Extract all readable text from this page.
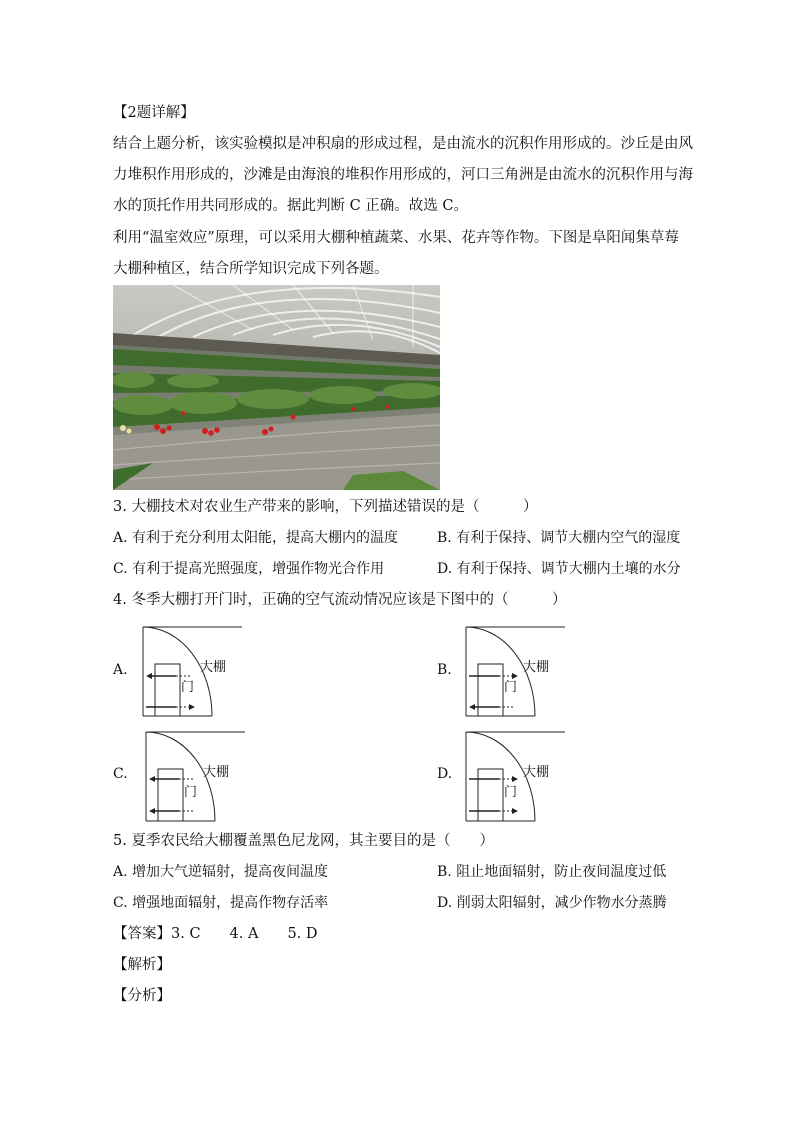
【2题详解】
结合上题分析，该实验模拟是冲积扇的形成过程，是由流水的沉积作用形成的。沙丘是由风
力堆积作用形成的，沙滩是由海浪的堆积作用形成的，河口三角洲是由流水的沉积作用与海
水的顶托作用共同形成的。据此判断 C 正确。故选 C。
利用“温室效应”原理，可以采用大棚种植蔬菜、水果、花卉等作物。下图是阜阳闻集草莓
大棚种植区，结合所学知识完成下列各题。
3. 大棚技术对农业生产带来的影响，下列描述错误的是（　　　）
A. 有利于充分利用太阳能，提高大棚内的温度	B. 有利于保持、调节大棚内空气的湿度
C. 有利于提高光照强度，增强作物光合作用	D. 有利于保持、调节大棚内土壤的水分
4. 冬季大棚打开门时，正确的空气流动情况应该是下图中的（　　　）
A.	大棚
门
B.	大棚
门
C.	大棚
门
D.	大棚
门
5. 夏季农民给大棚覆盖黑色尼龙网，其主要目的是（　　）
A. 增加大气逆辐射，提高夜间温度	B. 阻止地面辐射，防止夜间温度过低
C. 增强地面辐射，提高作物存活率	D. 削弱太阳辐射，减少作物水分蒸腾
【答案】3. C　　4. A　　5. D
【解析】
【分析】
